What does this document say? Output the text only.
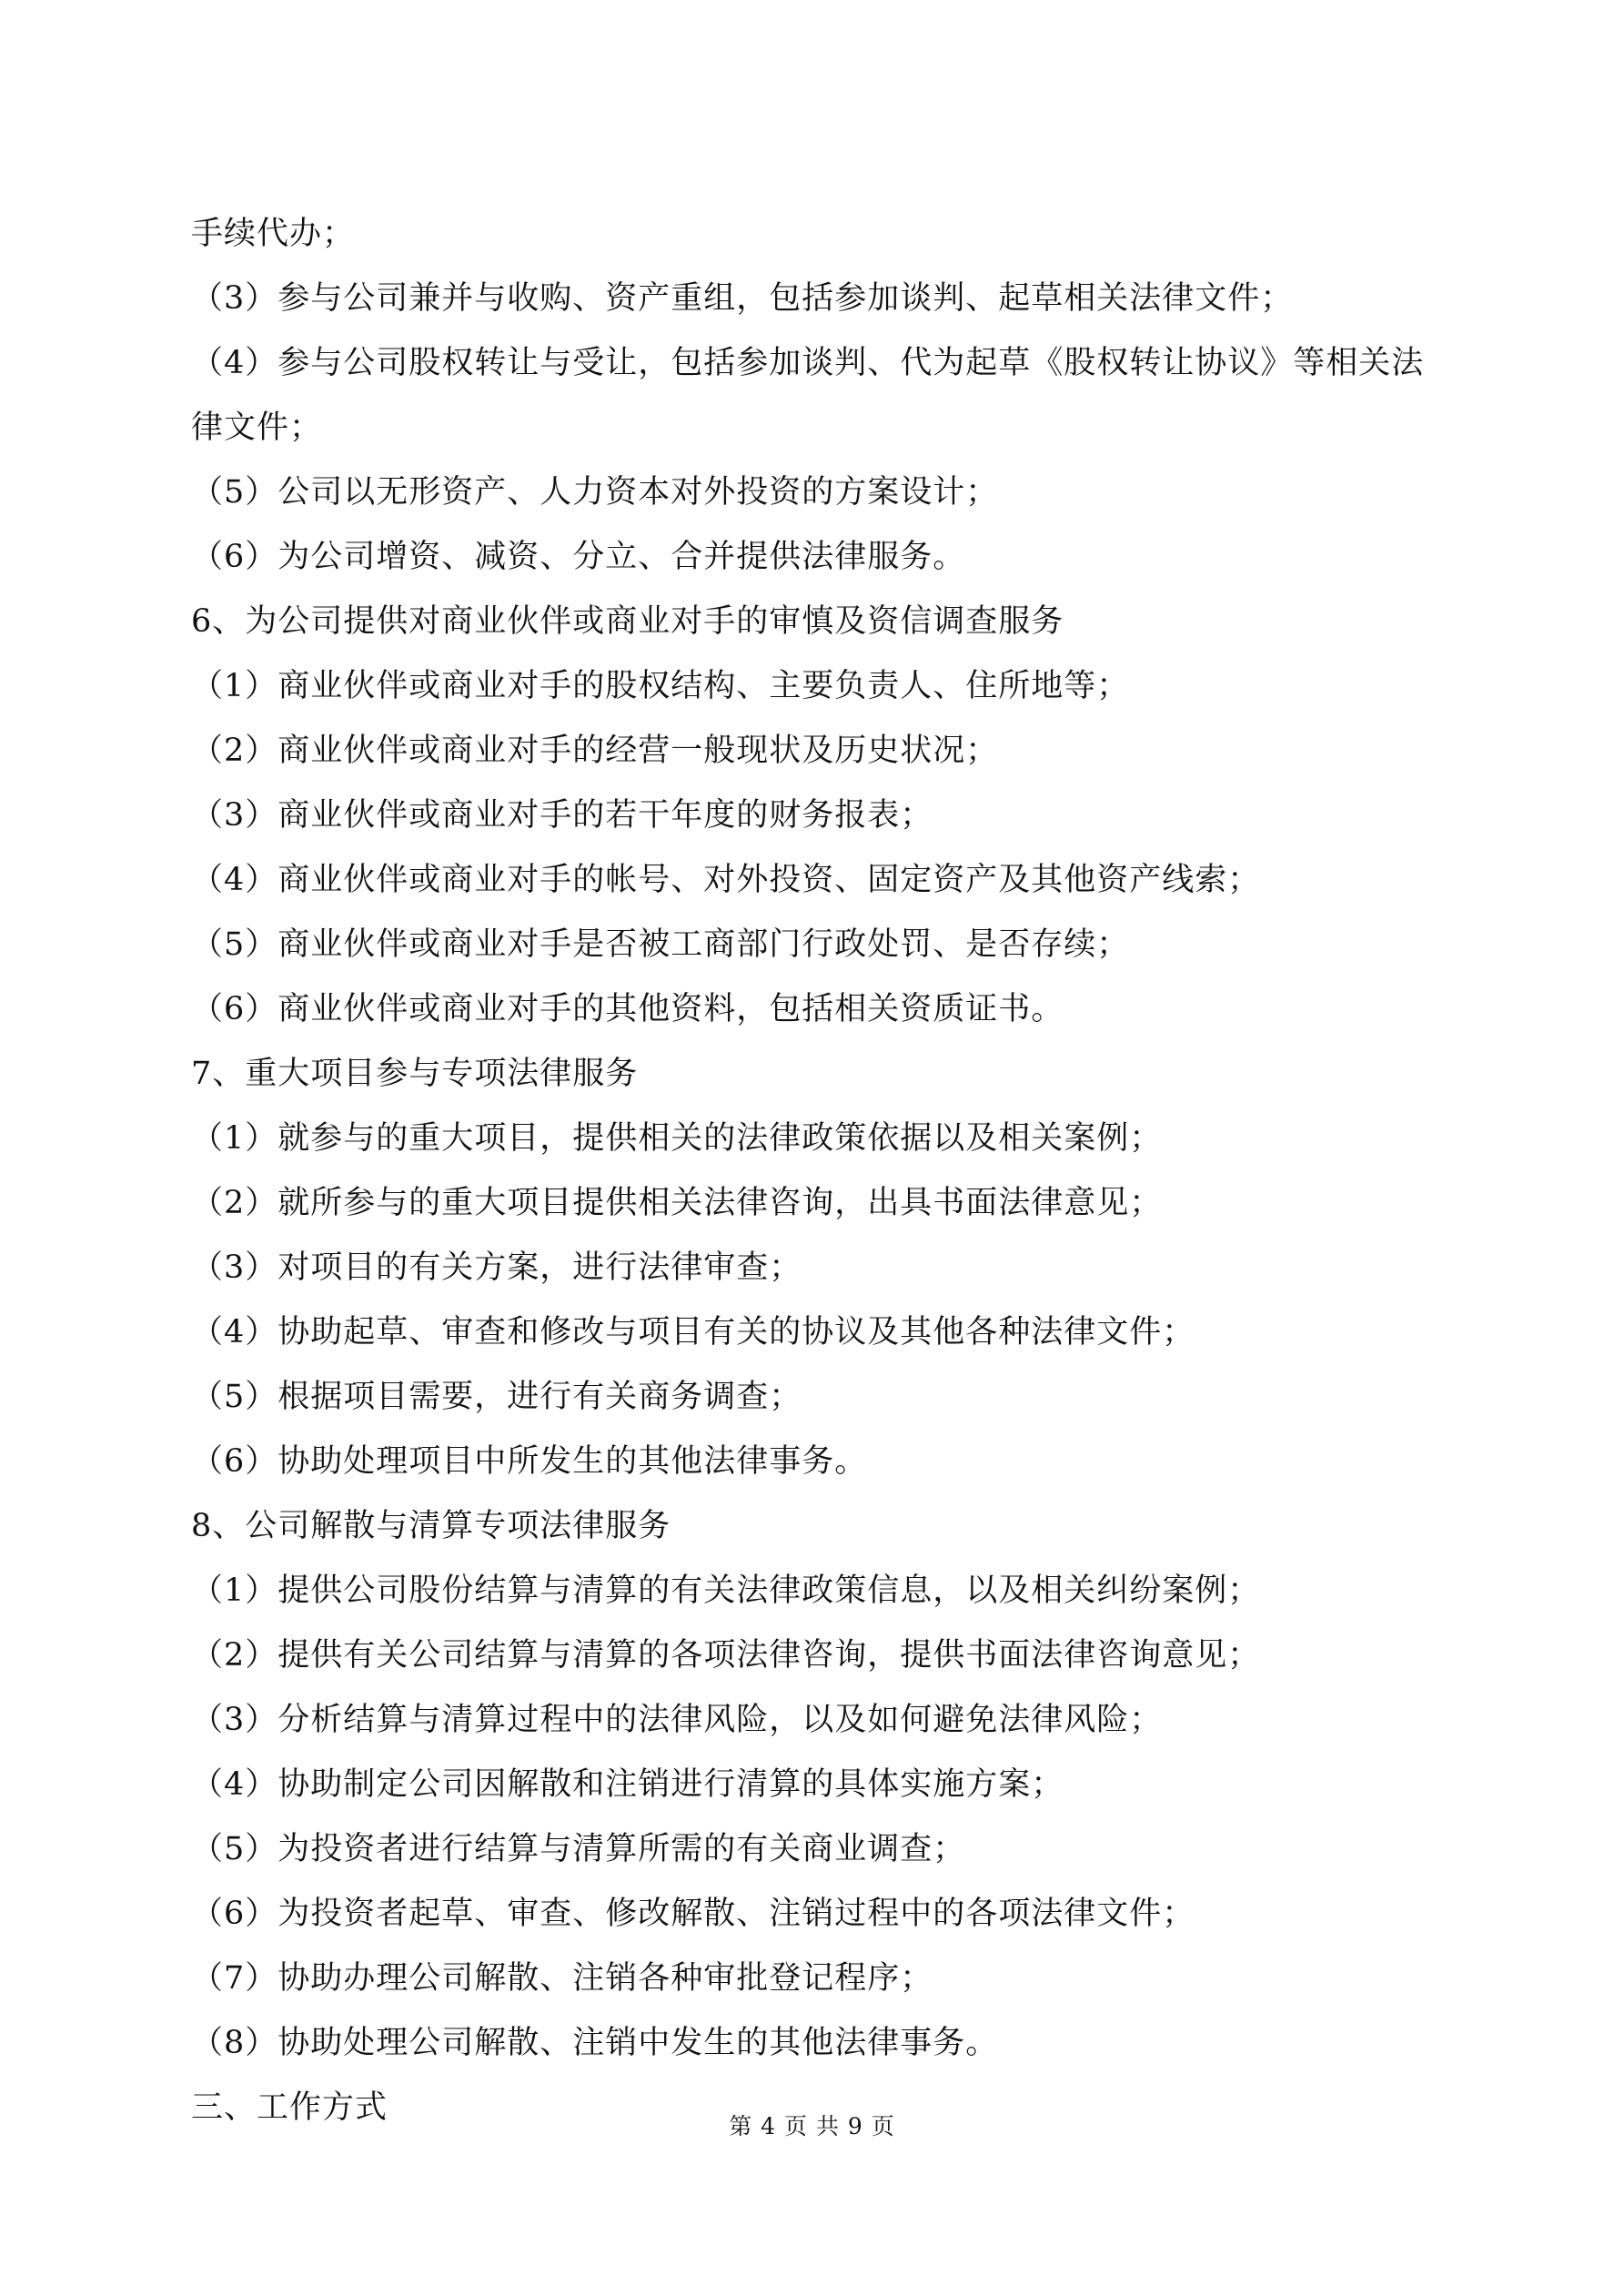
手续代办；
（3）参与公司兼并与收购、资产重组，包括参加谈判、起草相关法律文件；
（4）参与公司股权转让与受让，包括参加谈判、代为起草《股权转让协议》等相关法
律文件；
（5）公司以无形资产、人力资本对外投资的方案设计；
（6）为公司增资、减资、分立、合并提供法律服务。
6、为公司提供对商业伙伴或商业对手的审慎及资信调查服务
（1）商业伙伴或商业对手的股权结构、主要负责人、住所地等；
（2）商业伙伴或商业对手的经营一般现状及历史状况；
（3）商业伙伴或商业对手的若干年度的财务报表；
（4）商业伙伴或商业对手的帐号、对外投资、固定资产及其他资产线索；
（5）商业伙伴或商业对手是否被工商部门行政处罚、是否存续；
（6）商业伙伴或商业对手的其他资料，包括相关资质证书。
7、重大项目参与专项法律服务
（1）就参与的重大项目，提供相关的法律政策依据以及相关案例；
（2）就所参与的重大项目提供相关法律咨询，出具书面法律意见；
（3）对项目的有关方案，进行法律审查；
（4）协助起草、审查和修改与项目有关的协议及其他各种法律文件；
（5）根据项目需要，进行有关商务调查；
（6）协助处理项目中所发生的其他法律事务。
8、公司解散与清算专项法律服务
（1）提供公司股份结算与清算的有关法律政策信息，以及相关纠纷案例；
（2）提供有关公司结算与清算的各项法律咨询，提供书面法律咨询意见；
（3）分析结算与清算过程中的法律风险，以及如何避免法律风险；
（4）协助制定公司因解散和注销进行清算的具体实施方案；
（5）为投资者进行结算与清算所需的有关商业调查；
（6）为投资者起草、审查、修改解散、注销过程中的各项法律文件；
（7）协助办理公司解散、注销各种审批登记程序；
（8）协助处理公司解散、注销中发生的其他法律事务。
三、工作方式
第 4 页 共 9 页
